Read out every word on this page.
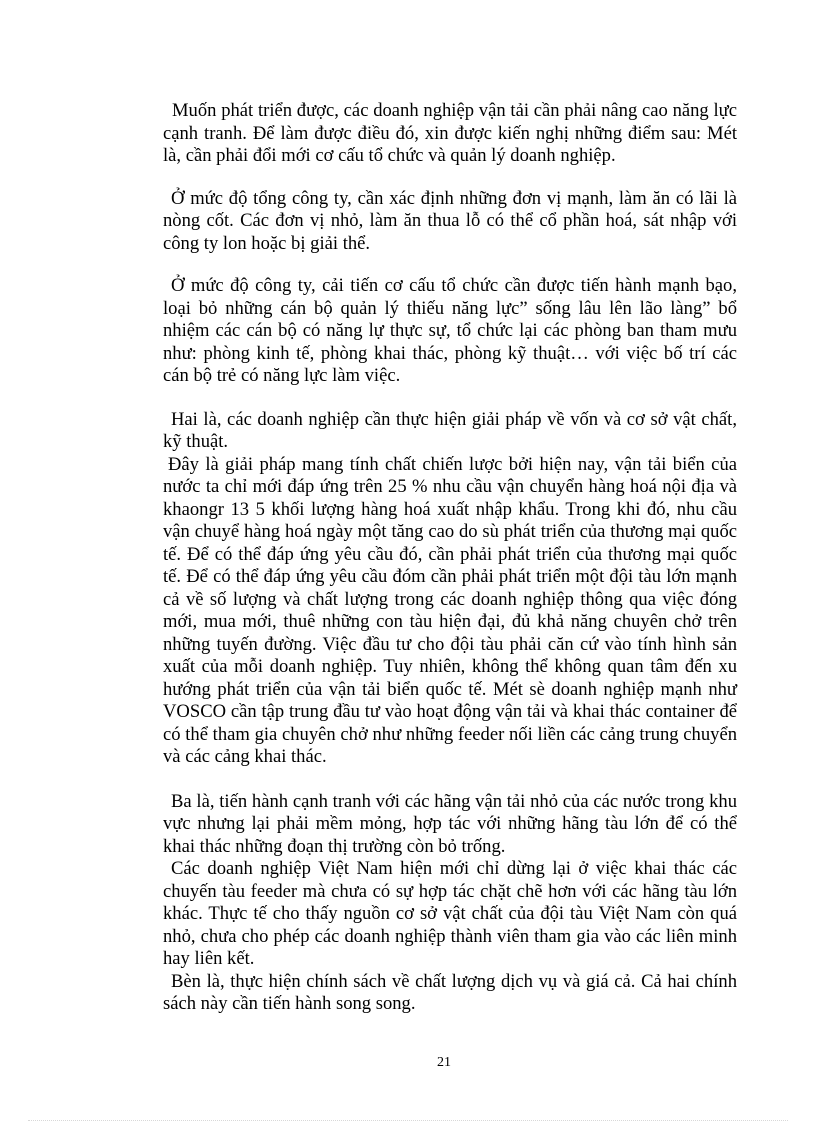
Muốn phát triển được, các doanh nghiệp vận tải cần phải nâng cao năng lực cạnh tranh. Để làm được điều đó, xin được kiến nghị những điểm sau: Mét là, cần phải đổi mới cơ cấu tổ chức và quản lý doanh nghiệp.

Ở mức độ tổng công ty, cần xác định những đơn vị mạnh, làm ăn có lãi là nòng cốt. Các đơn vị nhỏ, làm ăn thua lỗ có thể cổ phần hoá, sát nhập với công ty lon hoặc bị giải thể.

Ở mức độ công ty, cải tiến cơ cấu tổ chức cần được tiến hành mạnh bạo, loại bỏ những cán bộ quản lý thiếu năng lực” sống lâu lên lão làng” bổ nhiệm các cán bộ có năng lự thực sự, tổ chức lại các phòng ban tham mưu như: phòng kinh tế, phòng khai thác, phòng kỹ thuật… với việc bố trí các cán bộ trẻ có năng lực làm việc.

Hai là, các doanh nghiệp cần thực hiện giải pháp về vốn và cơ sở vật chất, kỹ thuật.

Đây là giải pháp mang tính chất chiến lược bởi hiện nay, vận tải biển của nước ta chỉ mới đáp ứng trên 25 % nhu cầu vận chuyển hàng hoá nội địa và khaongr 13 5 khối lượng hàng hoá xuất nhập khẩu. Trong khi đó, nhu cầu vận chuyể hàng hoá ngày một tăng cao do sù phát triển của thương mại quốc tế. Để có thể đáp ứng yêu cầu đó, cần phải phát triển của thương mại quốc tế. Để có thể đáp ứng yêu cầu đóm cần phải phát triển một đội tàu lớn mạnh cả về số lượng và chất lượng trong các doanh nghiệp thông qua việc đóng mới, mua mới, thuê những con tàu hiện đại, đủ khả năng chuyên chở trên những tuyến đường. Việc đầu tư cho đội tàu phải căn cứ vào tính hình sản xuất của mỗi doanh nghiệp. Tuy nhiên, không thể không quan tâm đến xu hướng phát triển của vận tải biển quốc tế. Mét sè doanh nghiệp mạnh như VOSCO cần tập trung đầu tư vào hoạt động vận tải và khai thác container để có thể tham gia chuyên chở như những feeder nối liền các cảng trung chuyển và các cảng khai thác.

Ba là, tiến hành cạnh tranh với các hãng vận tải nhỏ của các nước trong khu vực nhưng lại phải mềm mỏng, hợp tác với những hãng tàu lớn để có thể khai thác những đoạn thị trường còn bỏ trống.

Các doanh nghiệp Việt Nam hiện mới chỉ dừng lại ở việc khai thác các chuyến tàu feeder mà chưa có sự hợp tác chặt chẽ hơn với các hãng tàu lớn khác. Thực tế cho thấy nguồn cơ sở vật chất của đội tàu Việt Nam còn quá nhỏ, chưa cho phép các doanh nghiệp thành viên tham gia vào các liên minh hay liên kết.

Bèn là, thực hiện chính sách về chất lượng dịch vụ và giá cả. Cả hai chính sách này cần tiến hành song song.

21
